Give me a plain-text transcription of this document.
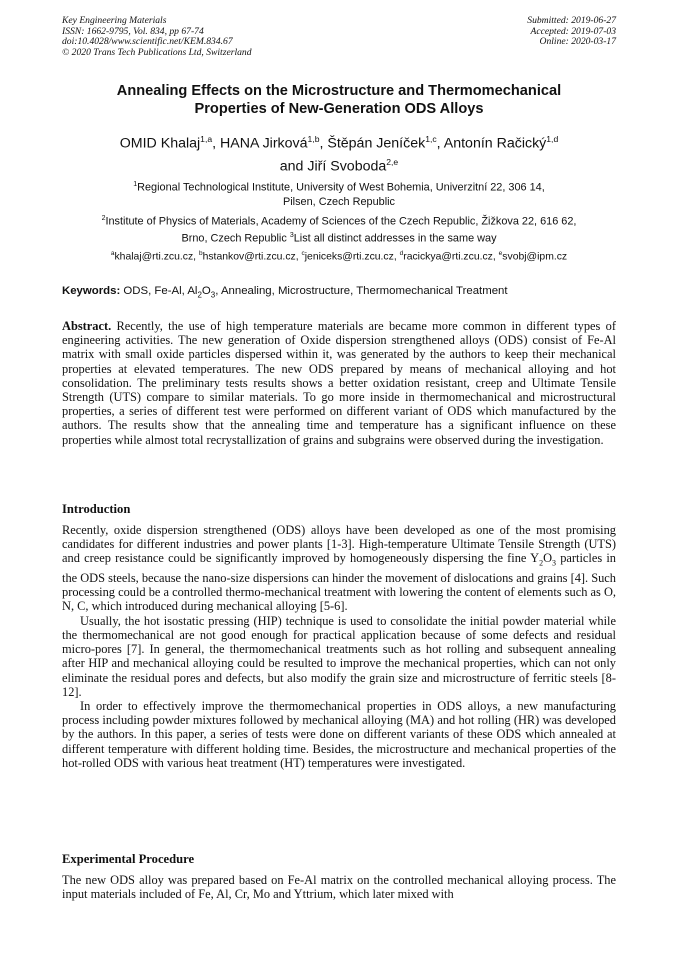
Key Engineering Materials
ISSN: 1662-9795, Vol. 834, pp 67-74
doi:10.4028/www.scientific.net/KEM.834.67
© 2020 Trans Tech Publications Ltd, Switzerland
Submitted: 2019-06-27
Accepted: 2019-07-03
Online: 2020-03-17
Annealing Effects on the Microstructure and Thermomechanical
Properties of New-Generation ODS Alloys
OMID Khalaj$^{1,a}$, HANA Jirková$^{1,b}$, Štěpán Jeníček$^{1,c}$, Antonín Račický$^{1,d}$
and Jiří Svoboda$^{2,e}$
$^1$Regional Technological Institute, University of West Bohemia, Univerzitní 22, 306 14,
Pilsen, Czech Republic
$^2$Institute of Physics of Materials, Academy of Sciences of the Czech Republic, Žižkova 22, 616 62,
Brno, Czech Republic $^3$List all distinct addresses in the same way
$^a$khalaj@rti.zcu.cz, $^b$hstankov@rti.zcu.cz, $^c$jeniceks@rti.zcu.cz, $^d$racickya@rti.zcu.cz, $^e$svobj@ipm.cz
Keywords: ODS, Fe-Al, $Al_2O_3$, Annealing, Microstructure, Thermomechanical Treatment
Abstract. Recently, the use of high temperature materials are became more common in different types of engineering activities. The new generation of Oxide dispersion strengthened alloys (ODS) consist of Fe-Al matrix with small oxide particles dispersed within it, was generated by the authors to keep their mechanical properties at elevated temperatures. The new ODS prepared by means of mechanical alloying and hot consolidation. The preliminary tests results shows a better oxidation resistant, creep and Ultimate Tensile Strength (UTS) compare to similar materials. To go more inside in thermomechanical and microstructural properties, a series of different test were performed on different variant of ODS which manufactured by the authors. The results show that the annealing time and temperature has a significant influence on these properties while almost total recrystallization of grains and subgrains were observed during the investigation.
Introduction

Recently, oxide dispersion strengthened (ODS) alloys have been developed as one of the most promising candidates for different industries and power plants [1-3]. High-temperature Ultimate Tensile Strength (UTS) and creep resistance could be significantly improved by homogeneously dispersing the fine $Y_2O_3$ particles in the ODS steels, because the nano-size dispersions can hinder the movement of dislocations and grains [4]. Such processing could be a controlled thermo-mechanical treatment with lowering the content of elements such as O, N, C, which introduced during mechanical alloying [5-6].

Usually, the hot isostatic pressing (HIP) technique is used to consolidate the initial powder material while the thermomechanical are not good enough for practical application because of some defects and residual micro-pores [7]. In general, the thermomechanical treatments such as hot rolling and subsequent annealing after HIP and mechanical alloying could be resulted to improve the mechanical properties, which can not only eliminate the residual pores and defects, but also modify the grain size and microstructure of ferritic steels [8-12].

In order to effectively improve the thermomechanical properties in ODS alloys, a new manufacturing process including powder mixtures followed by mechanical alloying (MA) and hot rolling (HR) was developed by the authors. In this paper, a series of tests were done on different variants of these ODS which annealed at different temperature with different holding time. Besides, the microstructure and mechanical properties of the hot-rolled ODS with various heat treatment (HT) temperatures were investigated.

Experimental Procedure

The new ODS alloy was prepared based on Fe-Al matrix on the controlled mechanical alloying process. The input materials included of Fe, Al, Cr, Mo and Yttrium, which later mixed with
